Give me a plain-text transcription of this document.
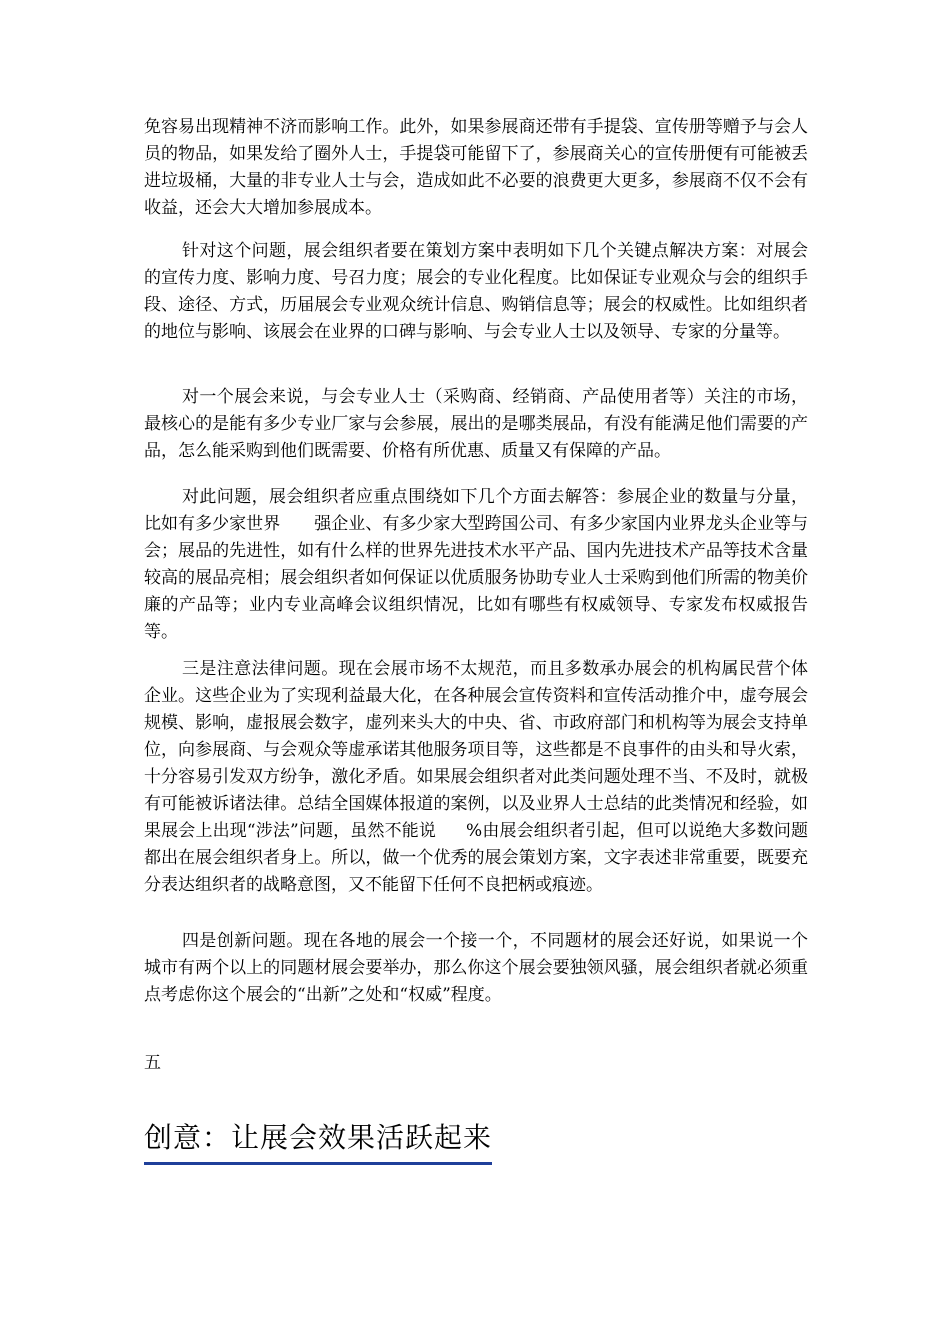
免容易出现精神不济而影响工作。此外，如果参展商还带有手提袋、宣传册等赠予与会人员的物品，如果发给了圈外人士，手提袋可能留下了，参展商关心的宣传册便有可能被丢进垃圾桶，大量的非专业人士与会，造成如此不必要的浪费更大更多，参展商不仅不会有收益，还会大大增加参展成本。

针对这个问题，展会组织者要在策划方案中表明如下几个关键点解决方案：对展会的宣传力度、影响力度、号召力度；展会的专业化程度。比如保证专业观众与会的组织手段、途径、方式，历届展会专业观众统计信息、购销信息等；展会的权威性。比如组织者的地位与影响、该展会在业界的口碑与影响、与会专业人士以及领导、专家的分量等。

对一个展会来说，与会专业人士（采购商、经销商、产品使用者等）关注的市场，最核心的是能有多少专业厂家与会参展，展出的是哪类展品，有没有能满足他们需要的产品，怎么能采购到他们既需要、价格有所优惠、质量又有保障的产品。

对此问题，展会组织者应重点围绕如下几个方面去解答：参展企业的数量与分量，比如有多少家世界 强企业、有多少家大型跨国公司、有多少家国内业界龙头企业等与会；展品的先进性，如有什么样的世界先进技术水平产品、国内先进技术产品等技术含量较高的展品亮相；展会组织者如何保证以优质服务协助专业人士采购到他们所需的物美价廉的产品等；业内专业高峰会议组织情况，比如有哪些有权威领导、专家发布权威报告等。

三是注意法律问题。现在会展市场不太规范，而且多数承办展会的机构属民营个体企业。这些企业为了实现利益最大化，在各种展会宣传资料和宣传活动推介中，虚夸展会规模、影响，虚报展会数字，虚列来头大的中央、省、市政府部门和机构等为展会支持单位，向参展商、与会观众等虚承诺其他服务项目等，这些都是不良事件的由头和导火索，十分容易引发双方纷争，激化矛盾。如果展会组织者对此类问题处理不当、不及时，就极有可能被诉诸法律。总结全国媒体报道的案例，以及业界人士总结的此类情况和经验，如果展会上出现“涉法”问题，虽然不能说 %由展会组织者引起，但可以说绝大多数问题都出在展会组织者身上。所以，做一个优秀的展会策划方案，文字表述非常重要，既要充分表达组织者的战略意图，又不能留下任何不良把柄或痕迹。

四是创新问题。现在各地的展会一个接一个，不同题材的展会还好说，如果说一个城市有两个以上的同题材展会要举办，那么你这个展会要独领风骚，展会组织者就必须重点考虑你这个展会的“出新”之处和“权威”程度。

五

创意：让展会效果活跃起来
